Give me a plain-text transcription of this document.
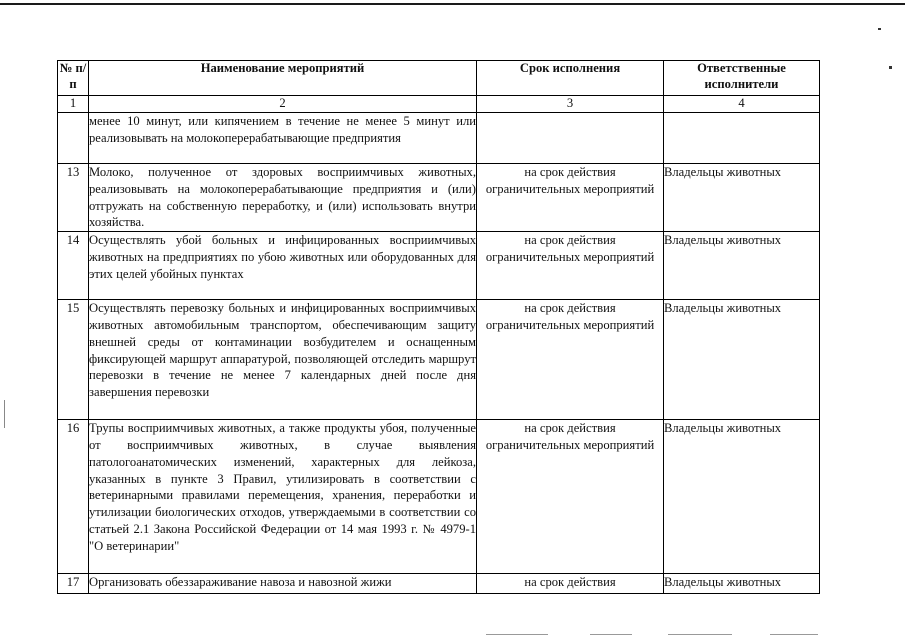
№ п/п	Наименование мероприятий	Срок исполнения	Ответственные исполнители
1	2	3	4
	менее 10 минут, или кипячением в течение не менее 5 минут или реализовывать на молокоперерабатывающие предприятия		
13	Молоко, полученное от здоровых восприимчивых животных, реализовывать на молокоперерабатывающие предприятия и (или) отгружать на собственную переработку, и (или) использовать внутри хозяйства.	на срок действия ограничительных мероприятий	Владельцы животных
14	Осуществлять убой больных и инфицированных восприимчивых животных на предприятиях по убою животных или оборудованных для этих целей убойных пунктах	на срок действия ограничительных мероприятий	Владельцы животных
15	Осуществлять перевозку больных и инфицированных восприимчивых животных автомобильным транспортом, обеспечивающим защиту внешней среды от контаминации возбудителем и оснащенным фиксирующей маршрут аппаратурой, позволяющей отследить маршрут перевозки в течение не менее 7 календарных дней после дня завершения перевозки	на срок действия ограничительных мероприятий	Владельцы животных
16	Трупы восприимчивых животных, а также продукты убоя, полученные от восприимчивых животных, в случае выявления патологоанатомических изменений, характерных для лейкоза, указанных в пункте 3 Правил, утилизировать в соответствии с ветеринарными правилами перемещения, хранения, переработки и утилизации биологических отходов, утверждаемыми в соответствии со статьей 2.1 Закона Российской Федерации от 14 мая 1993 г. № 4979-1 "О ветеринарии"	на срок действия ограничительных мероприятий	Владельцы животных
17	Организовать обеззараживание навоза и навозной жижи	на срок действия	Владельцы животных
